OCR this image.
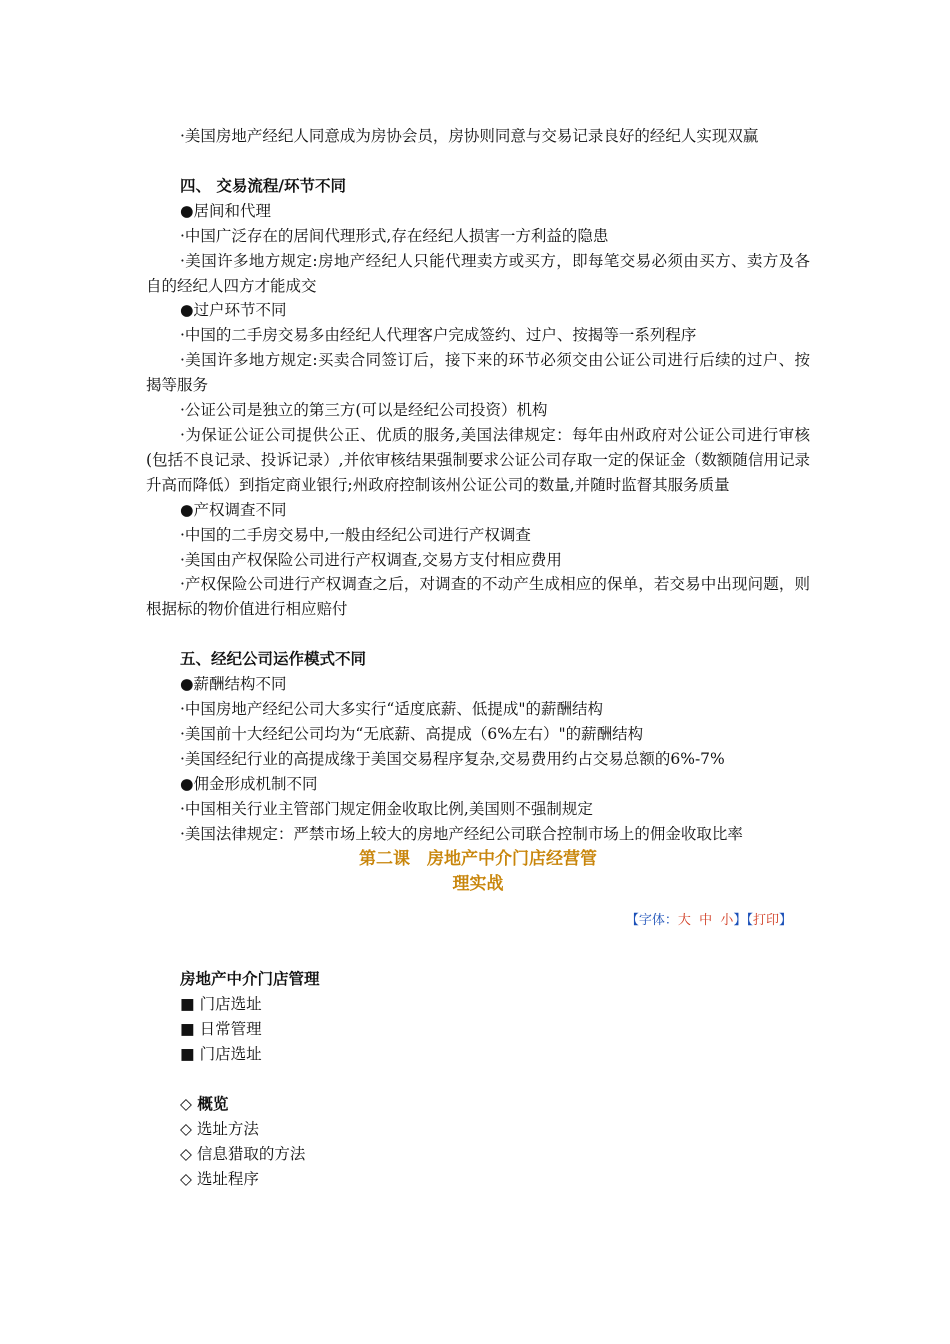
·美国房地产经纪人同意成为房协会员，房协则同意与交易记录良好的经纪人实现双赢

四、 交易流程/环节不同

●居间和代理

·中国广泛存在的居间代理形式,存在经纪人损害一方利益的隐患

·美国许多地方规定:房地产经纪人只能代理卖方或买方，即每笔交易必须由买方、卖方及各自的经纪人四方才能成交

●过户环节不同

·中国的二手房交易多由经纪人代理客户完成签约、过户、按揭等一系列程序

·美国许多地方规定:买卖合同签订后，接下来的环节必须交由公证公司进行后续的过户、按揭等服务

·公证公司是独立的第三方(可以是经纪公司投资）机构

·为保证公证公司提供公正、优质的服务,美国法律规定：每年由州政府对公证公司进行审核(包括不良记录、投诉记录）,并依审核结果强制要求公证公司存取一定的保证金（数额随信用记录升高而降低）到指定商业银行;州政府控制该州公证公司的数量,并随时监督其服务质量

●产权调查不同

·中国的二手房交易中,一般由经纪公司进行产权调查

·美国由产权保险公司进行产权调查,交易方支付相应费用

·产权保险公司进行产权调查之后，对调查的不动产生成相应的保单，若交易中出现问题，则根据标的物价值进行相应赔付

五、经纪公司运作模式不同

●薪酬结构不同

·中国房地产经纪公司大多实行“适度底薪、低提成"的薪酬结构

·美国前十大经纪公司均为“无底薪、高提成（6%左右）"的薪酬结构

·美国经纪行业的高提成缘于美国交易程序复杂,交易费用约占交易总额的6%-7%

●佣金形成机制不同

·中国相关行业主管部门规定佣金收取比例,美国则不强制规定

·美国法律规定：严禁市场上较大的房地产经纪公司联合控制市场上的佣金收取比率

第二课　房地产中介门店经营管
理实战
【字体：大 中 小】【打印】

房地产中介门店管理

■ 门店选址

■ 日常管理

■ 门店选址

◇ 概览

◇ 选址方法

◇ 信息猎取的方法

◇ 选址程序
